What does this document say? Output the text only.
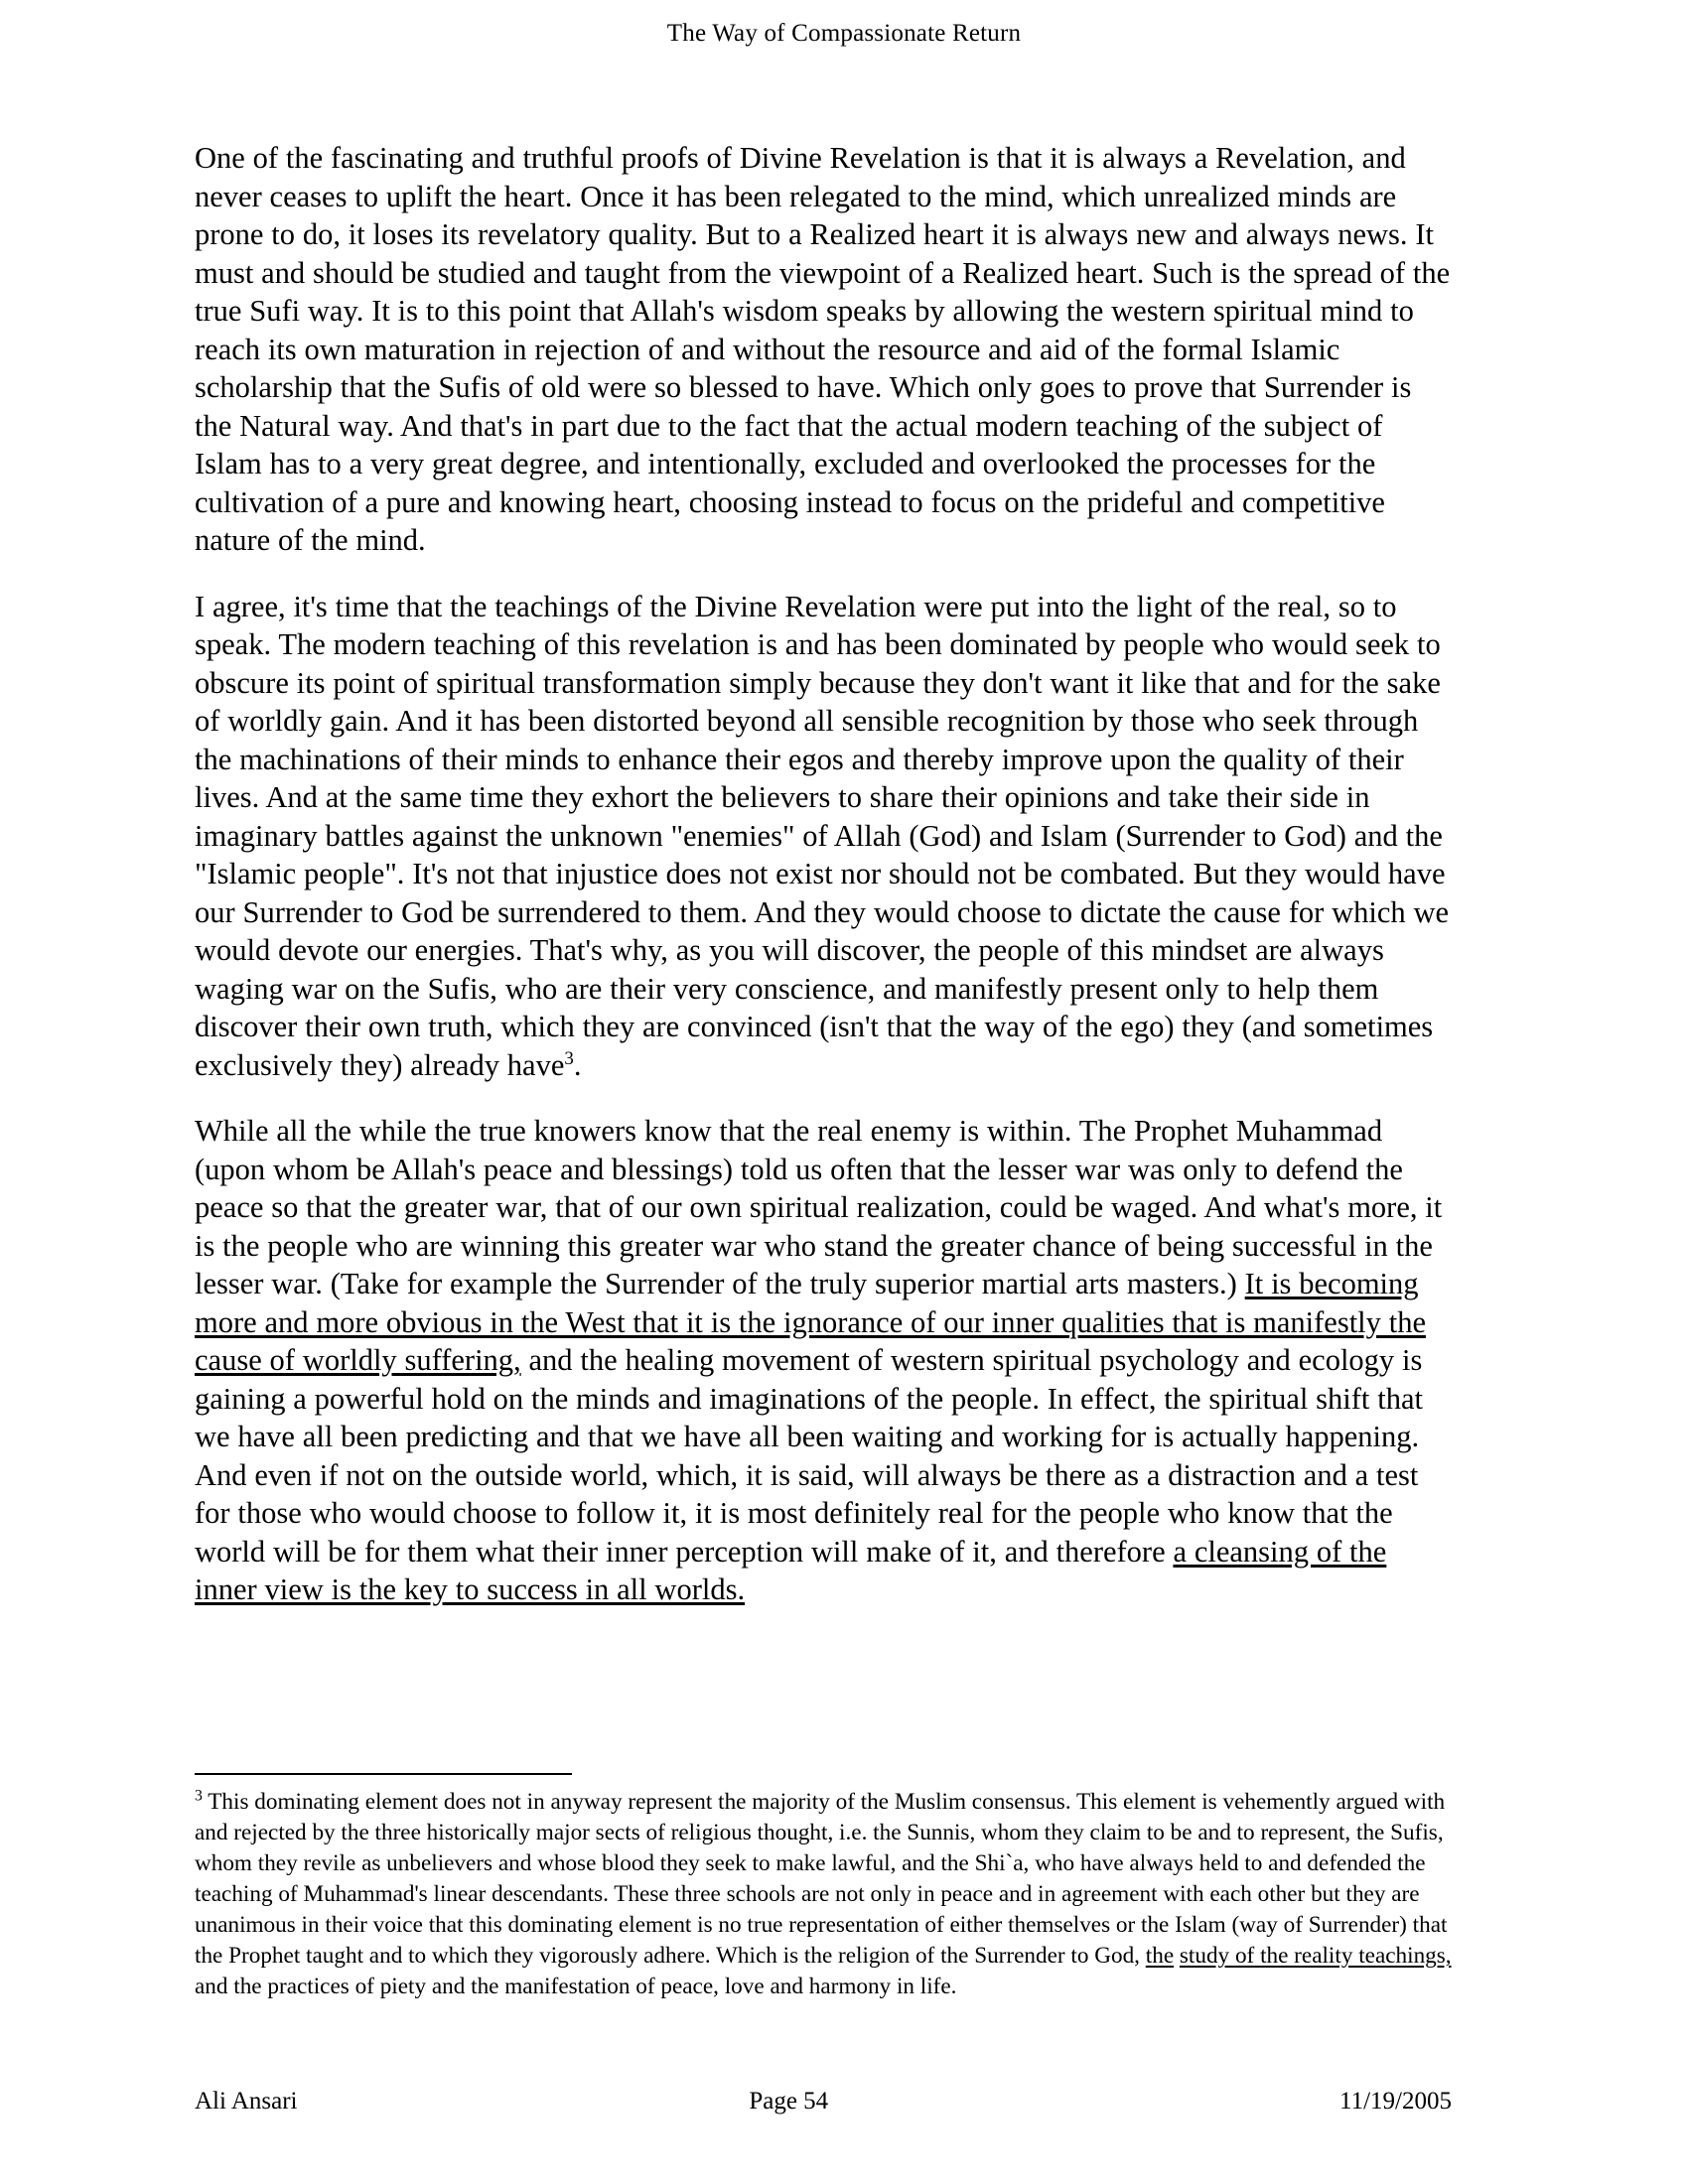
The Way of Compassionate Return

One of the fascinating and truthful proofs of Divine Revelation is that it is always a Revelation, and never ceases to uplift the heart. Once it has been relegated to the mind, which unrealized minds are prone to do, it loses its revelatory quality. But to a Realized heart it is always new and always news. It must and should be studied and taught from the viewpoint of a Realized heart. Such is the spread of the true Sufi way. It is to this point that Allah's wisdom speaks by allowing the western spiritual mind to reach its own maturation in rejection of and without the resource and aid of the formal Islamic scholarship that the Sufis of old were so blessed to have. Which only goes to prove that Surrender is the Natural way. And that's in part due to the fact that the actual modern teaching of the subject of Islam has to a very great degree, and intentionally, excluded and overlooked the processes for the cultivation of a pure and knowing heart, choosing instead to focus on the prideful and competitive nature of the mind.

I agree, it's time that the teachings of the Divine Revelation were put into the light of the real, so to speak. The modern teaching of this revelation is and has been dominated by people who would seek to obscure its point of spiritual transformation simply because they don't want it like that and for the sake of worldly gain. And it has been distorted beyond all sensible recognition by those who seek through the machinations of their minds to enhance their egos and thereby improve upon the quality of their lives. And at the same time they exhort the believers to share their opinions and take their side in imaginary battles against the unknown "enemies" of Allah (God) and Islam (Surrender to God) and the "Islamic people". It's not that injustice does not exist nor should not be combated. But they would have our Surrender to God be surrendered to them. And they would choose to dictate the cause for which we would devote our energies. That's why, as you will discover, the people of this mindset are always waging war on the Sufis, who are their very conscience, and manifestly present only to help them discover their own truth, which they are convinced (isn't that the way of the ego) they (and sometimes exclusively they) already have$^3$.

While all the while the true knowers know that the real enemy is within. The Prophet Muhammad (upon whom be Allah's peace and blessings) told us often that the lesser war was only to defend the peace so that the greater war, that of our own spiritual realization, could be waged. And what's more, it is the people who are winning this greater war who stand the greater chance of being successful in the lesser war. (Take for example the Surrender of the truly superior martial arts masters.) It is becoming more and more obvious in the West that it is the ignorance of our inner qualities that is manifestly the cause of worldly suffering, and the healing movement of western spiritual psychology and ecology is gaining a powerful hold on the minds and imaginations of the people. In effect, the spiritual shift that we have all been predicting and that we have all been waiting and working for is actually happening. And even if not on the outside world, which, it is said, will always be there as a distraction and a test for those who would choose to follow it, it is most definitely real for the people who know that the world will be for them what their inner perception will make of it, and therefore a cleansing of the inner view is the key to success in all worlds.

$^3$ This dominating element does not in anyway represent the majority of the Muslim consensus. This element is vehemently argued with and rejected by the three historically major sects of religious thought, i.e. the Sunnis, whom they claim to be and to represent, the Sufis, whom they revile as unbelievers and whose blood they seek to make lawful, and the Shi`a, who have always held to and defended the teaching of Muhammad's linear descendants. These three schools are not only in peace and in agreement with each other but they are unanimous in their voice that this dominating element is no true representation of either themselves or the Islam (way of Surrender) that the Prophet taught and to which they vigorously adhere. Which is the religion of the Surrender to God, the study of the reality teachings, and the practices of piety and the manifestation of peace, love and harmony in life.
Ali Ansari	Page 54	11/19/2005
